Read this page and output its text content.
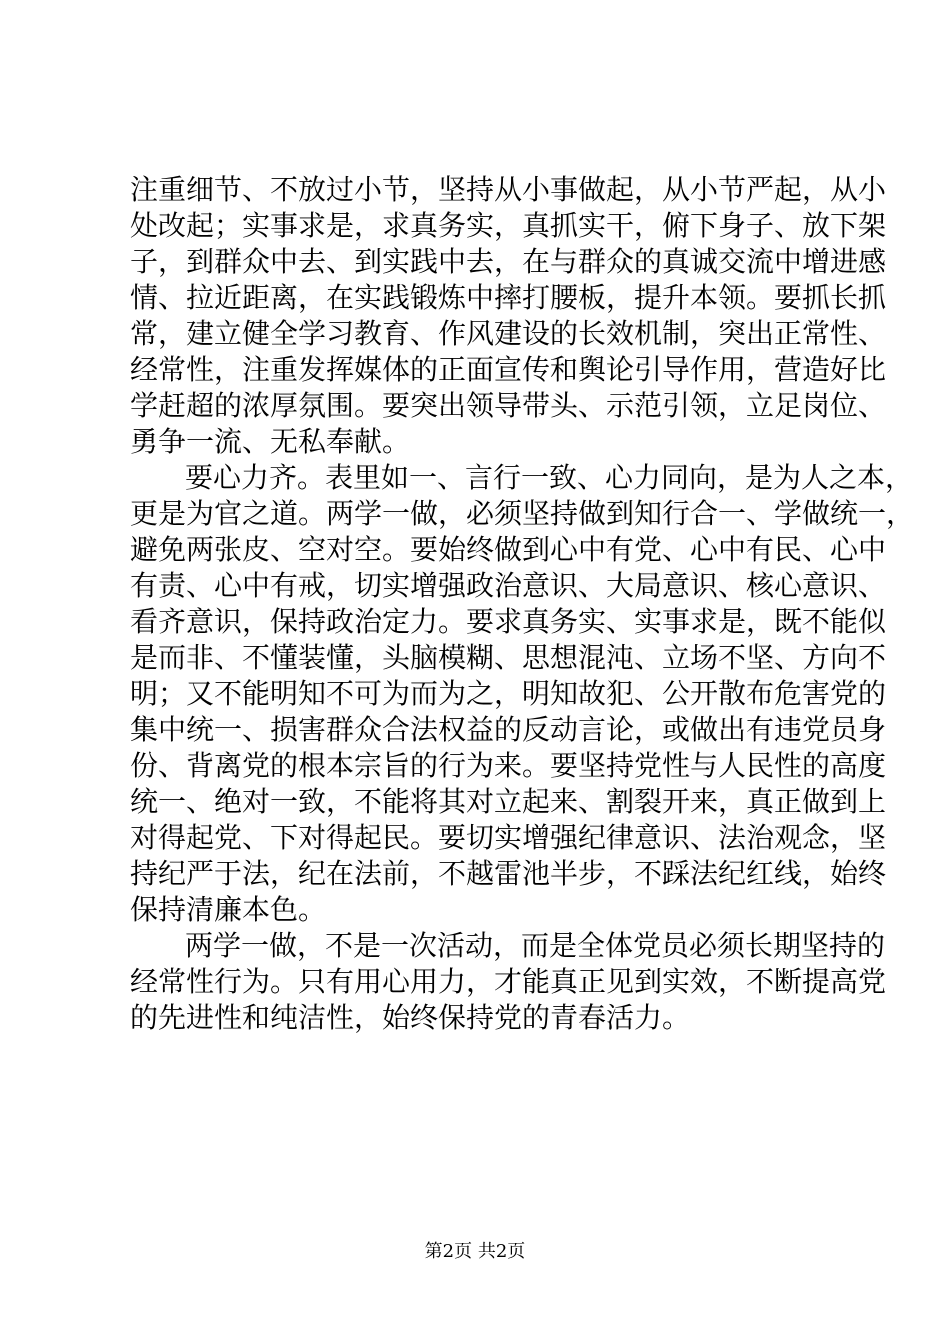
注重细节、不放过小节，坚持从小事做起，从小节严起，从小
处改起；实事求是，求真务实，真抓实干，俯下身子、放下架
子，到群众中去、到实践中去，在与群众的真诚交流中增进感
情、拉近距离，在实践锻炼中摔打腰板，提升本领。要抓长抓
常，建立健全学习教育、作风建设的长效机制，突出正常性、
经常性，注重发挥媒体的正面宣传和舆论引导作用，营造好比
学赶超的浓厚氛围。要突出领导带头、示范引领，立足岗位、
勇争一流、无私奉献。
要心力齐。表里如一、言行一致、心力同向，是为人之本，
更是为官之道。两学一做，必须坚持做到知行合一、学做统一，
避免两张皮、空对空。要始终做到心中有党、心中有民、心中
有责、心中有戒，切实增强政治意识、大局意识、核心意识、
看齐意识，保持政治定力。要求真务实、实事求是，既不能似
是而非、不懂装懂，头脑模糊、思想混沌、立场不坚、方向不
明；又不能明知不可为而为之，明知故犯、公开散布危害党的
集中统一、损害群众合法权益的反动言论，或做出有违党员身
份、背离党的根本宗旨的行为来。要坚持党性与人民性的高度
统一、绝对一致，不能将其对立起来、割裂开来，真正做到上
对得起党、下对得起民。要切实增强纪律意识、法治观念，坚
持纪严于法，纪在法前，不越雷池半步，不踩法纪红线，始终
保持清廉本色。
两学一做，不是一次活动，而是全体党员必须长期坚持的
经常性行为。只有用心用力，才能真正见到实效，不断提高党
的先进性和纯洁性，始终保持党的青春活力。
第2页 共2页
